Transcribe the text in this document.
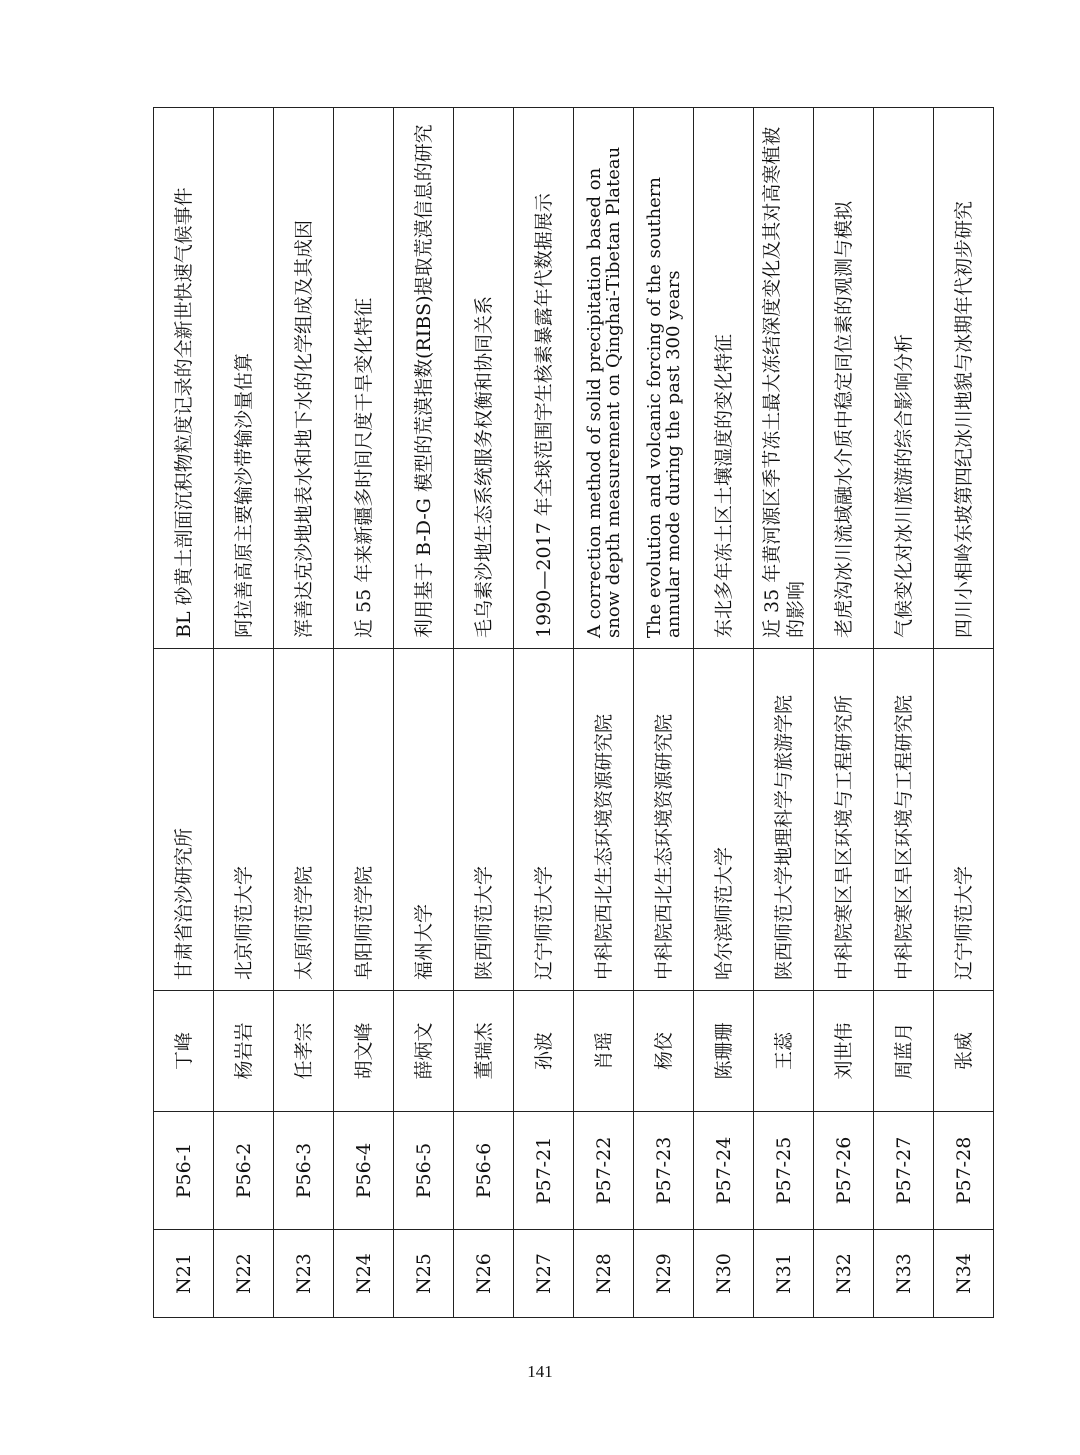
N21	P56-1	丁峰	甘肃省治沙研究所	BL 砂黄土剖面沉积物粒度记录的全新世快速气候事件
N22	P56-2	杨岩岩	北京师范大学	阿拉善高原主要输沙带输沙量估算
N23	P56-3	任孝宗	太原师范学院	浑善达克沙地地表水和地下水的化学组成及其成因
N24	P56-4	胡文峰	阜阳师范学院	近 55 年来新疆多时间尺度干旱变化特征
N25	P56-5	薛炳文	福州大学	利用基于 B-D-G 模型的荒漠指数(RIBS)提取荒漠信息的研究
N26	P56-6	董瑞杰	陕西师范大学	毛乌素沙地生态系统服务权衡和协同关系
N27	P57-21	孙波	辽宁师范大学	1990—2017 年全球范围宇生核素暴露年代数据展示
N28	P57-22	肖瑶	中科院西北生态环境资源研究院	A correction method of solid precipitation based on snow depth measurement on Qinghai-Tibetan Plateau
N29	P57-23	杨佼	中科院西北生态环境资源研究院	The evolution and volcanic forcing of the southern annular mode during the past 300 years
N30	P57-24	陈珊珊	哈尔滨师范大学	东北多年冻土区土壤湿度的变化特征
N31	P57-25	王蕊	陕西师范大学地理科学与旅游学院	近 35 年黄河源区季节冻土最大冻结深度变化及其对高寒植被的影响
N32	P57-26	刘世伟	中科院寒区旱区环境与工程研究所	老虎沟冰川流域融水介质中稳定同位素的观测与模拟
N33	P57-27	周蓝月	中科院寒区旱区环境与工程研究院	气候变化对冰川旅游的综合影响分析
N34	P57-28	张威	辽宁师范大学	四川小相岭东坡第四纪冰川地貌与冰期年代初步研究
141
